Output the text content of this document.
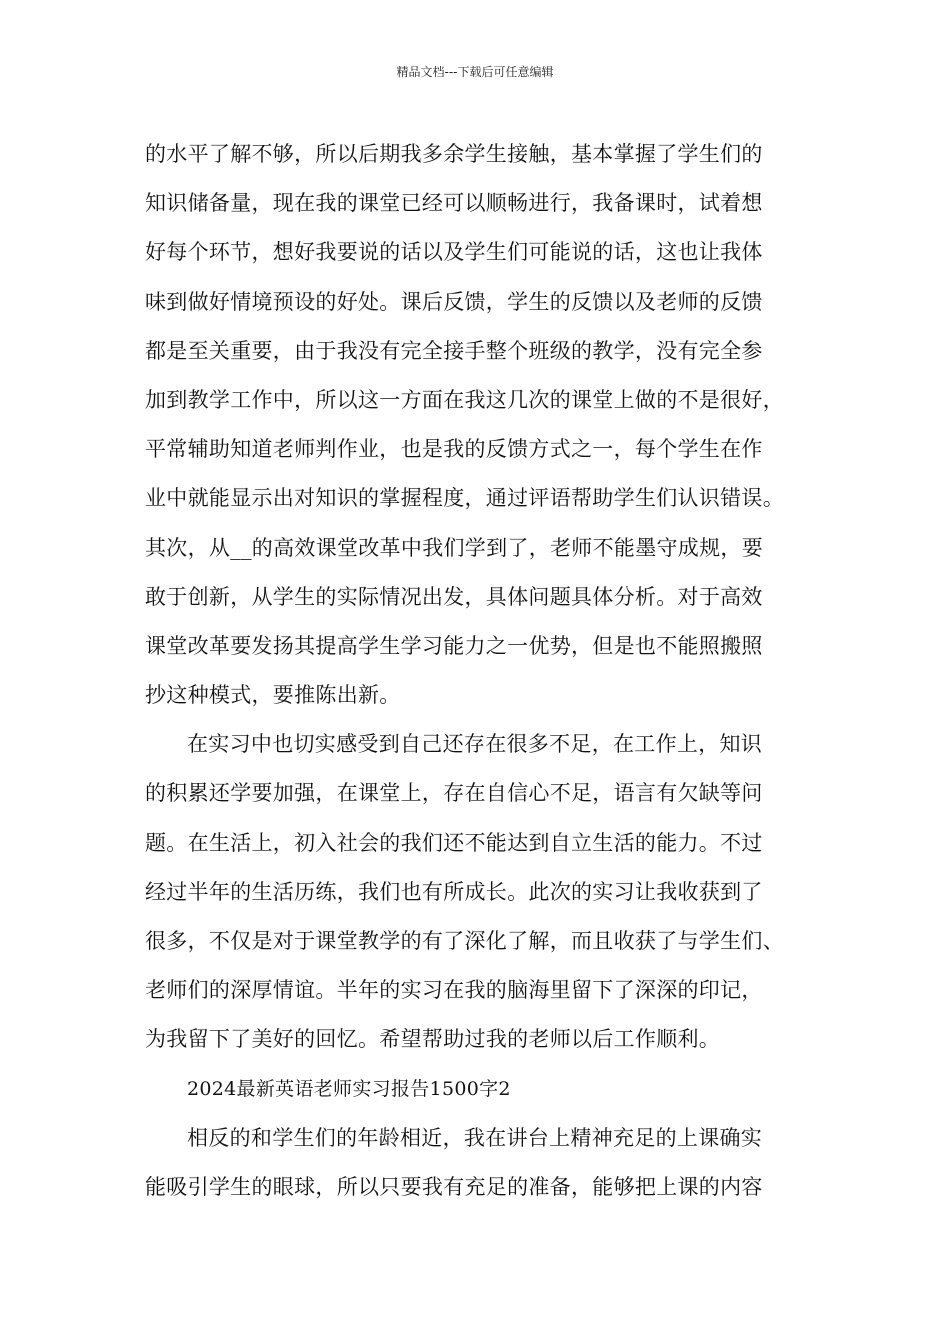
精品文档---下载后可任意编辑
的水平了解不够，所以后期我多余学生接触，基本掌握了学生们的
知识储备量，现在我的课堂已经可以顺畅进行，我备课时，试着想
好每个环节，想好我要说的话以及学生们可能说的话，这也让我体
味到做好情境预设的好处。课后反馈，学生的反馈以及老师的反馈
都是至关重要，由于我没有完全接手整个班级的教学，没有完全参
加到教学工作中，所以这一方面在我这几次的课堂上做的不是很好，
平常辅助知道老师判作业，也是我的反馈方式之一，每个学生在作
业中就能显示出对知识的掌握程度，通过评语帮助学生们认识错误。
其次，从__的高效课堂改革中我们学到了，老师不能墨守成规，要
敢于创新，从学生的实际情况出发，具体问题具体分析。对于高效
课堂改革要发扬其提高学生学习能力之一优势，但是也不能照搬照
抄这种模式，要推陈出新。
在实习中也切实感受到自己还存在很多不足，在工作上，知识
的积累还学要加强，在课堂上，存在自信心不足，语言有欠缺等问
题。在生活上，初入社会的我们还不能达到自立生活的能力。不过
经过半年的生活历练，我们也有所成长。此次的实习让我收获到了
很多，不仅是对于课堂教学的有了深化了解，而且收获了与学生们、
老师们的深厚情谊。半年的实习在我的脑海里留下了深深的印记，
为我留下了美好的回忆。希望帮助过我的老师以后工作顺利。
2024最新英语老师实习报告1500字2
相反的和学生们的年龄相近，我在讲台上精神充足的上课确实
能吸引学生的眼球，所以只要我有充足的准备，能够把上课的内容
